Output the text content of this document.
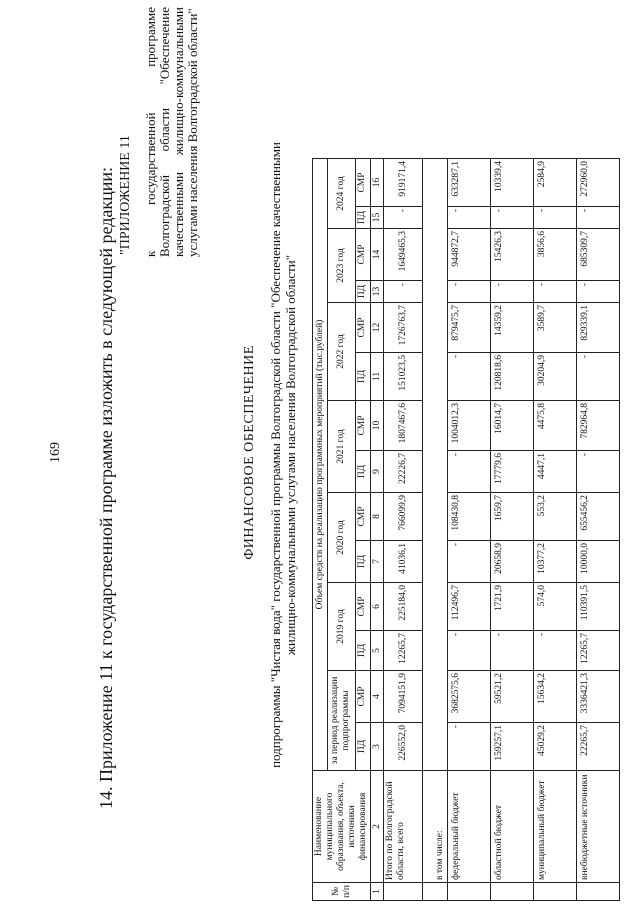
169 14. Приложение 11 к государственной программе изложить в следующей редакции: "ПРИЛОЖЕНИЕ 11 к государственной программе Волгоградской области "Обеспечение качественными жилищно-коммунальными услугами населения Волгоградской области"
ФИНАНСОВОЕ ОБЕСПЕЧЕНИЕ подпрограммы "Чистая вода" государственной программы Волгоградской области "Обеспечение качественными жилищно-коммунальными услугами населения Волгоградской области"
№ п/п	Наименование муниципального образования, объекта, источники финансирования	Объем средств на реализацию программных мероприятий (тыс.рублей)													
		за период реализации подпрограммы		2019 год		2020 год		2021 год		2022 год		2023 год		2024 год	
		ПД	СМР	ПД	СМР	ПД	СМР	ПД	СМР	ПД	СМР	ПД	СМР	ПД	СМР
1	2	3	4	5	6	7	8	9	10	11	12	13	14	15	16
	Итого по Волгоградской области, всего	226552,0	7094151,9	12265,7	225184,0	41036,1	766099,9	22226,7	1807467,6	151023,5	1726763,7	-	1649465,3	-	919171,4
	в том числе:														
	федеральный бюджет	-	3682575,6	-	112496,7	-	108430,8	-	1004012,3	-	879475,7	-	944872,7	-	633287,1
	областной бюджет	159257,1	59521,2	-	1721,9	20658,9	1659,7	17779,6	16014,7	120818,6	14359,2	-	15426,3	-	10339,4
	муниципальный бюджет	45029,2	15634,2	-	574,0	10377,2	553,2	4447,1	4475,8	30204,9	3589,7	-	3856,6	-	2584,9
	внебюджетные источники	22265,7	3336421,3	12265,7	110391,5	10000,0	655456,2	-	782964,8	-	829339,1	-	685309,7	-	272960,0
